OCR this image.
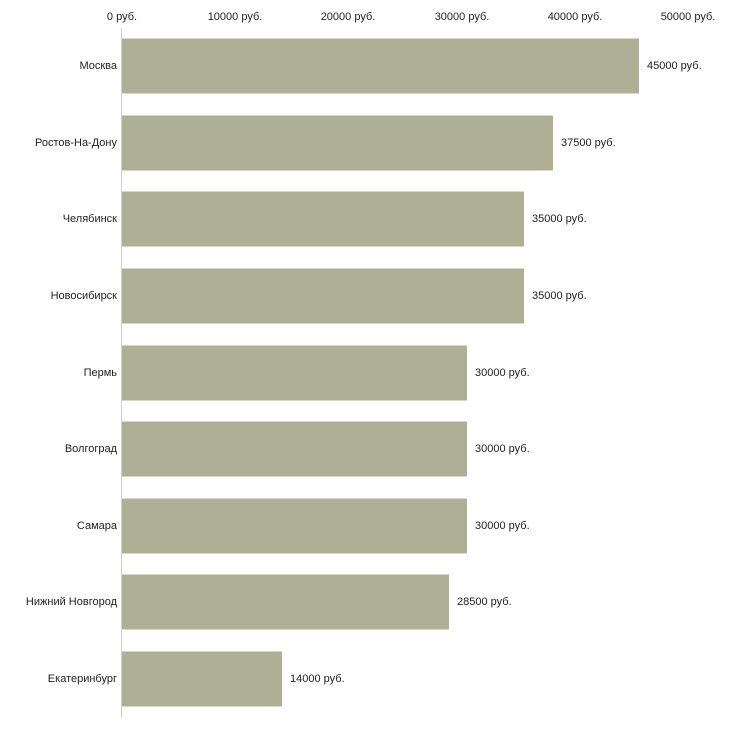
0 руб.	10000 руб.	20000 руб.	30000 руб.	40000 руб.	50000 руб.
Москва	45000 руб.
Ростов-На-Дону	37500 руб.
Челябинск	35000 руб.
Новосибирск	35000 руб.
Пермь	30000 руб.
Волгоград	30000 руб.
Самара	30000 руб.
Нижний Новгород	28500 руб.
Екатеринбург	14000 руб.
